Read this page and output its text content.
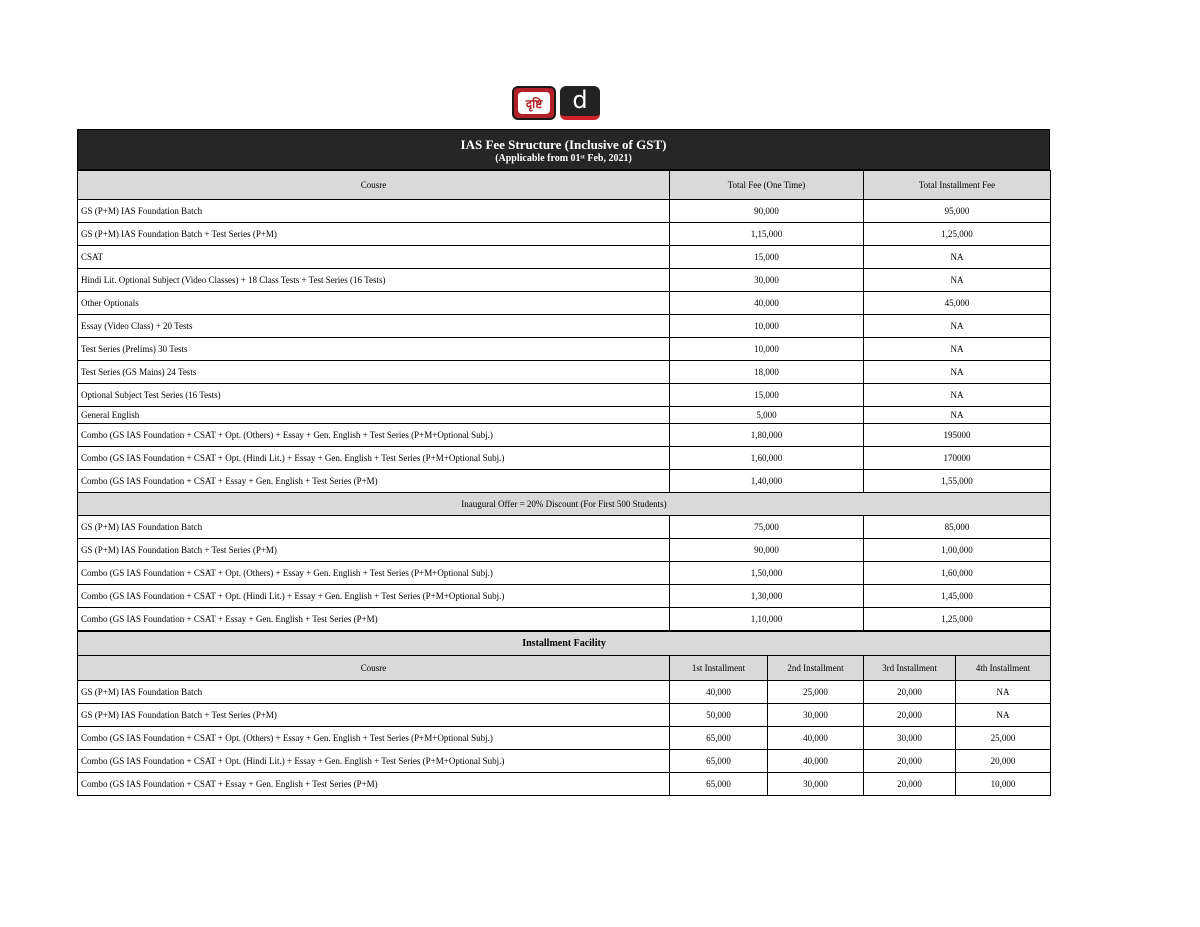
दृष्टि d
IAS Fee Structure (Inclusive of GST)
(Applicable from 01ˢᵗ Feb, 2021)
Cousre	Total Fee (One Time)	Total Installment Fee
GS (P+M) IAS Foundation Batch	90,000	95,000
GS (P+M) IAS Foundation Batch + Test Series (P+M)	1,15,000	1,25,000
CSAT	15,000	NA
Hindi Lit. Optional Subject (Video Classes) + 18 Class Tests + Test Series (16 Tests)	30,000	NA
Other Optionals	40,000	45,000
Essay (Video Class) + 20 Tests	10,000	NA
Test Series (Prelims) 30 Tests	10,000	NA
Test Series (GS Mains) 24 Tests	18,000	NA
Optional Subject Test Series (16 Tests)	15,000	NA
General English	5,000	NA
Combo (GS IAS Foundation + CSAT + Opt. (Others) + Essay + Gen. English + Test Series (P+M+Optional Subj.)	1,80,000	195000
Combo (GS IAS Foundation + CSAT + Opt. (Hindi Lit.) + Essay + Gen. English + Test Series (P+M+Optional Subj.)	1,60,000	170000
Combo (GS IAS Foundation + CSAT + Essay + Gen. English + Test Series (P+M)	1,40,000	1,55,000
Inaugural Offer = 20% Discount (For First 500 Students)		
GS (P+M) IAS Foundation Batch	75,000	85,000
GS (P+M) IAS Foundation Batch + Test Series (P+M)	90,000	1,00,000
Combo (GS IAS Foundation + CSAT + Opt. (Others) + Essay + Gen. English + Test Series (P+M+Optional Subj.)	1,50,000	1,60,000
Combo (GS IAS Foundation + CSAT + Opt. (Hindi Lit.) + Essay + Gen. English + Test Series (P+M+Optional Subj.)	1,30,000	1,45,000
Combo (GS IAS Foundation + CSAT + Essay + Gen. English + Test Series (P+M)	1,10,000	1,25,000
Installment Facility				
Cousre	1st Installment	2nd Installment	3rd Installment	4th Installment
GS (P+M) IAS Foundation Batch	40,000	25,000	20,000	NA
GS (P+M) IAS Foundation Batch + Test Series (P+M)	50,000	30,000	20,000	NA
Combo (GS IAS Foundation + CSAT + Opt. (Others) + Essay + Gen. English + Test Series (P+M+Optional Subj.)	65,000	40,000	30,000	25,000
Combo (GS IAS Foundation + CSAT + Opt. (Hindi Lit.) + Essay + Gen. English + Test Series (P+M+Optional Subj.)	65,000	40,000	20,000	20,000
Combo (GS IAS Foundation + CSAT + Essay + Gen. English + Test Series (P+M)	65,000	30,000	20,000	10,000
